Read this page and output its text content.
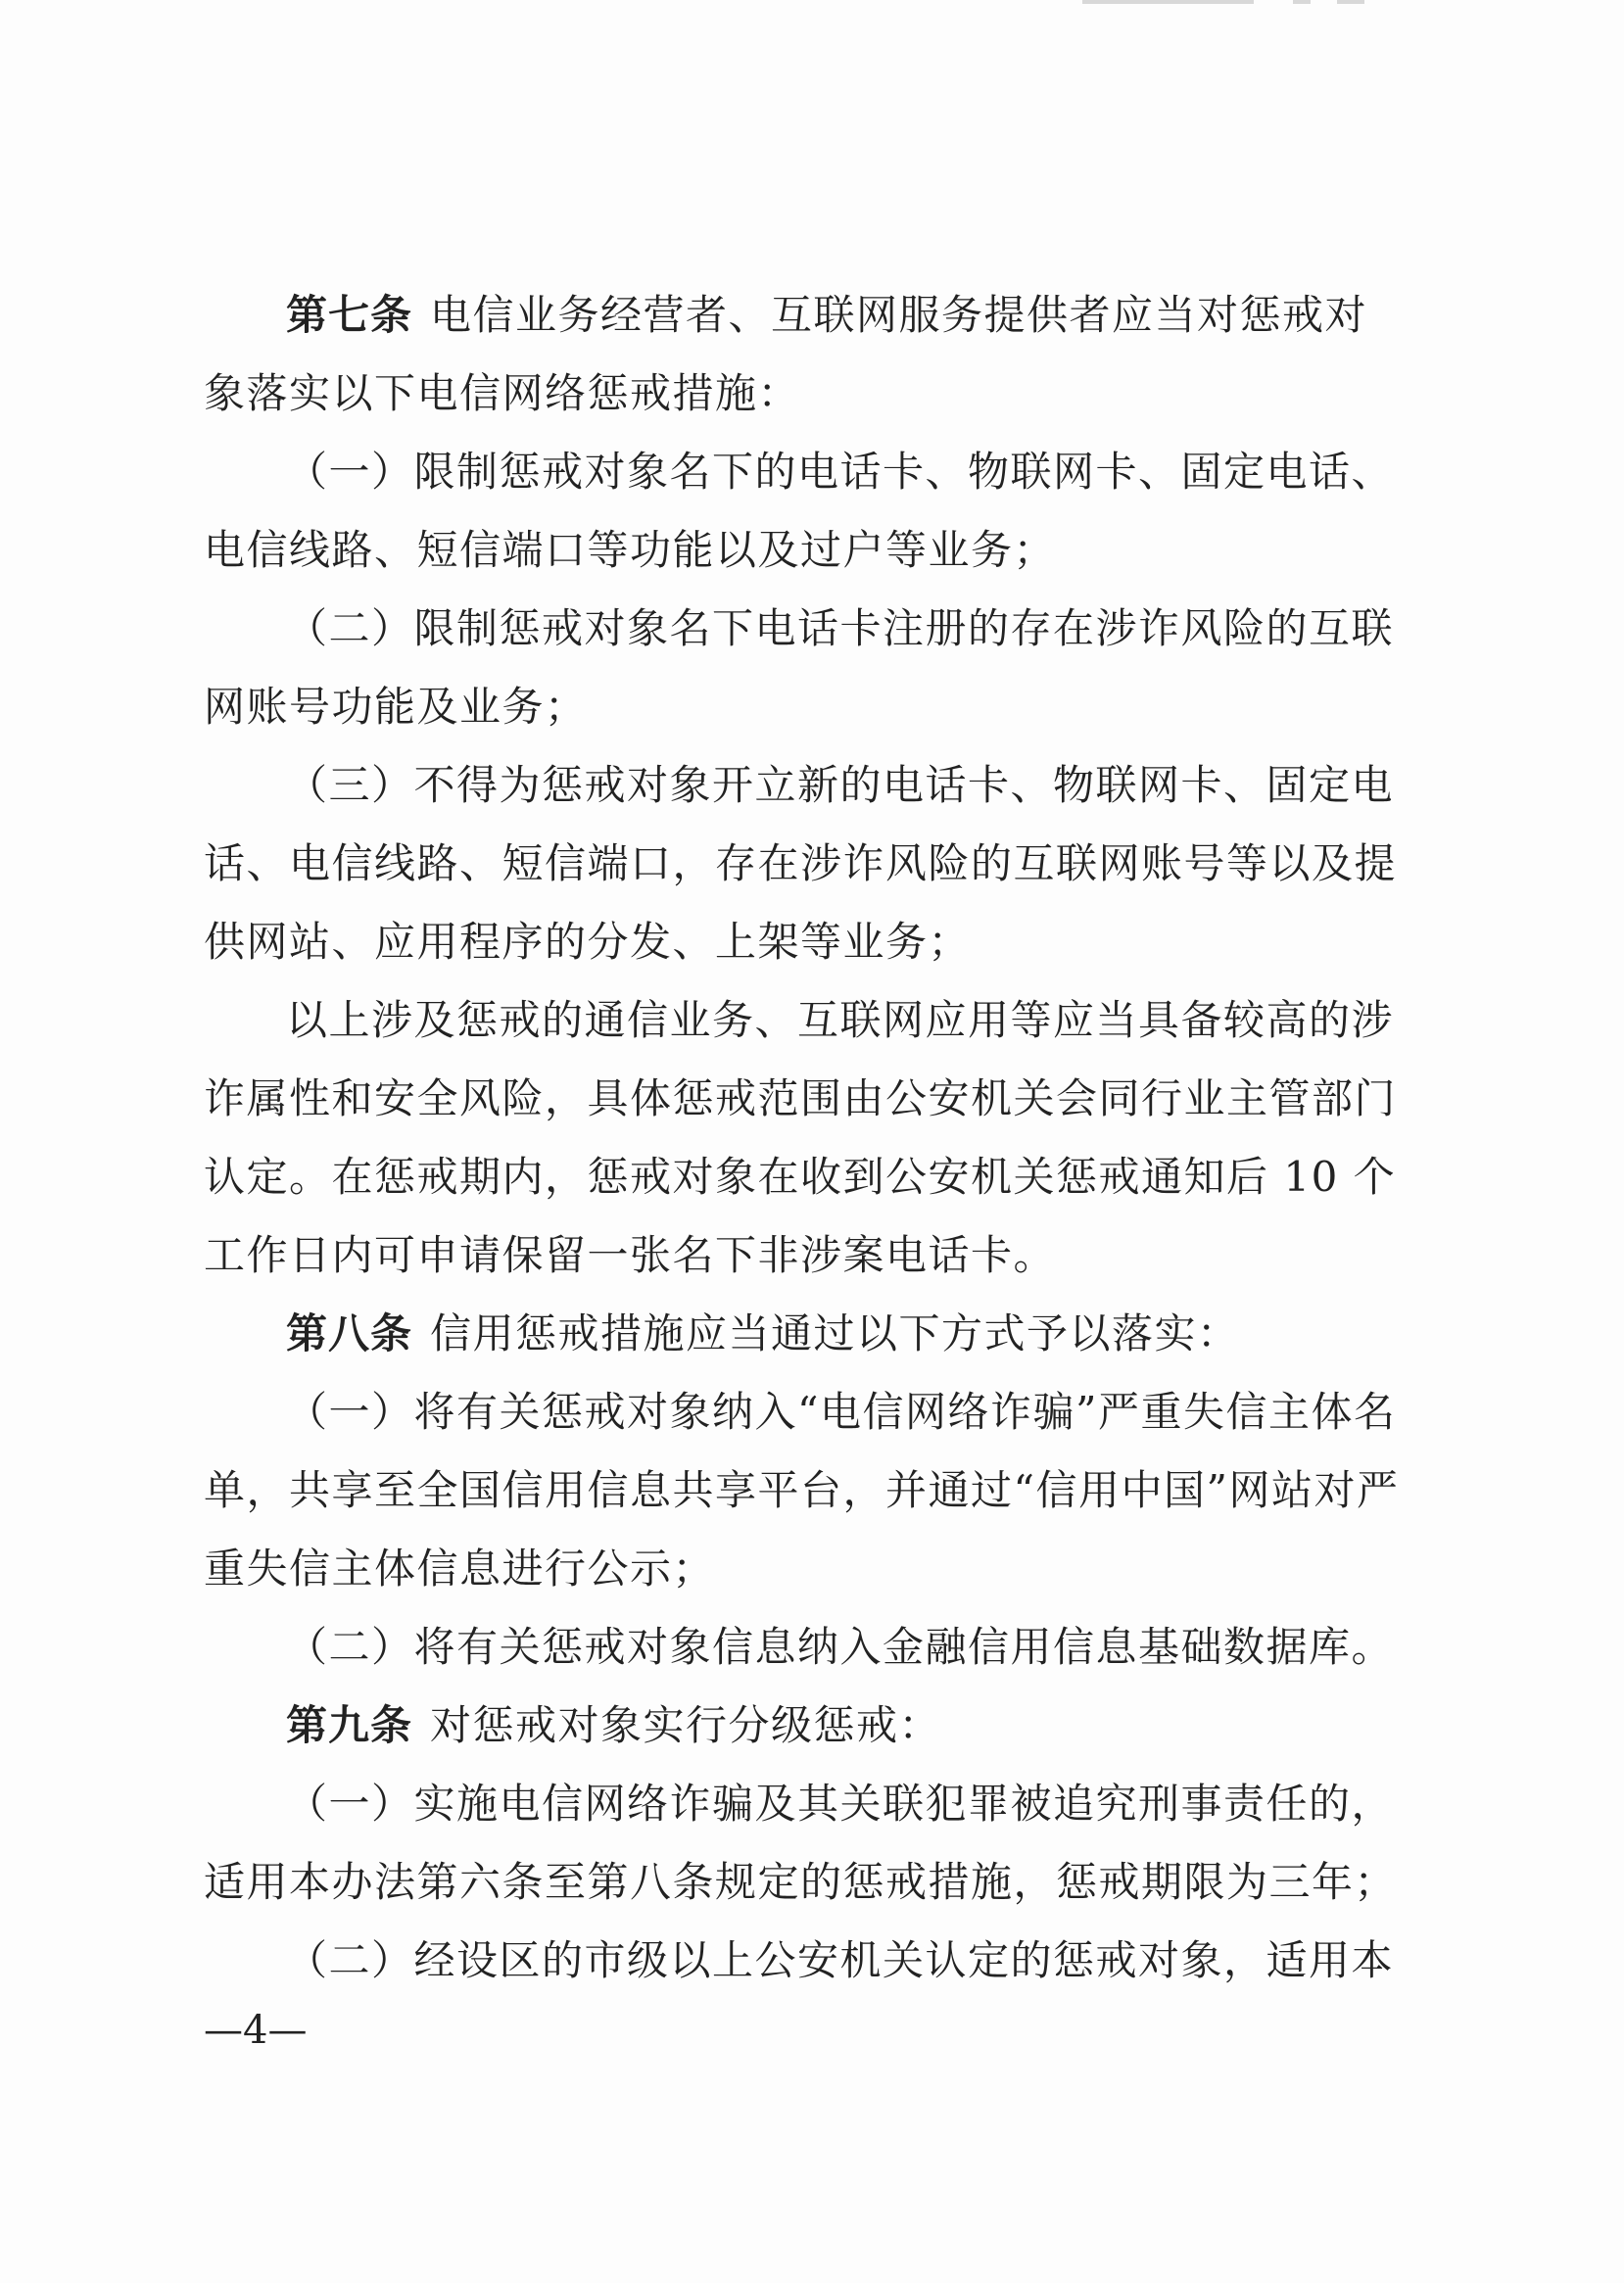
第七条 电信业务经营者、互联网服务提供者应当对惩戒对象落实以下电信网络惩戒措施：

（一）限制惩戒对象名下的电话卡、物联网卡、固定电话、电信线路、短信端口等功能以及过户等业务；

（二）限制惩戒对象名下电话卡注册的存在涉诈风险的互联网账号功能及业务；

（三）不得为惩戒对象开立新的电话卡、物联网卡、固定电话、电信线路、短信端口，存在涉诈风险的互联网账号等以及提供网站、应用程序的分发、上架等业务；

以上涉及惩戒的通信业务、互联网应用等应当具备较高的涉诈属性和安全风险，具体惩戒范围由公安机关会同行业主管部门认定。在惩戒期内，惩戒对象在收到公安机关惩戒通知后 10 个工作日内可申请保留一张名下非涉案电话卡。

第八条 信用惩戒措施应当通过以下方式予以落实：

（一）将有关惩戒对象纳入“电信网络诈骗”严重失信主体名单，共享至全国信用信息共享平台，并通过“信用中国”网站对严重失信主体信息进行公示；

（二）将有关惩戒对象信息纳入金融信用信息基础数据库。

第九条 对惩戒对象实行分级惩戒：

（一）实施电信网络诈骗及其关联犯罪被追究刑事责任的，适用本办法第六条至第八条规定的惩戒措施，惩戒期限为三年；

（二）经设区的市级以上公安机关认定的惩戒对象，适用本

—4—
